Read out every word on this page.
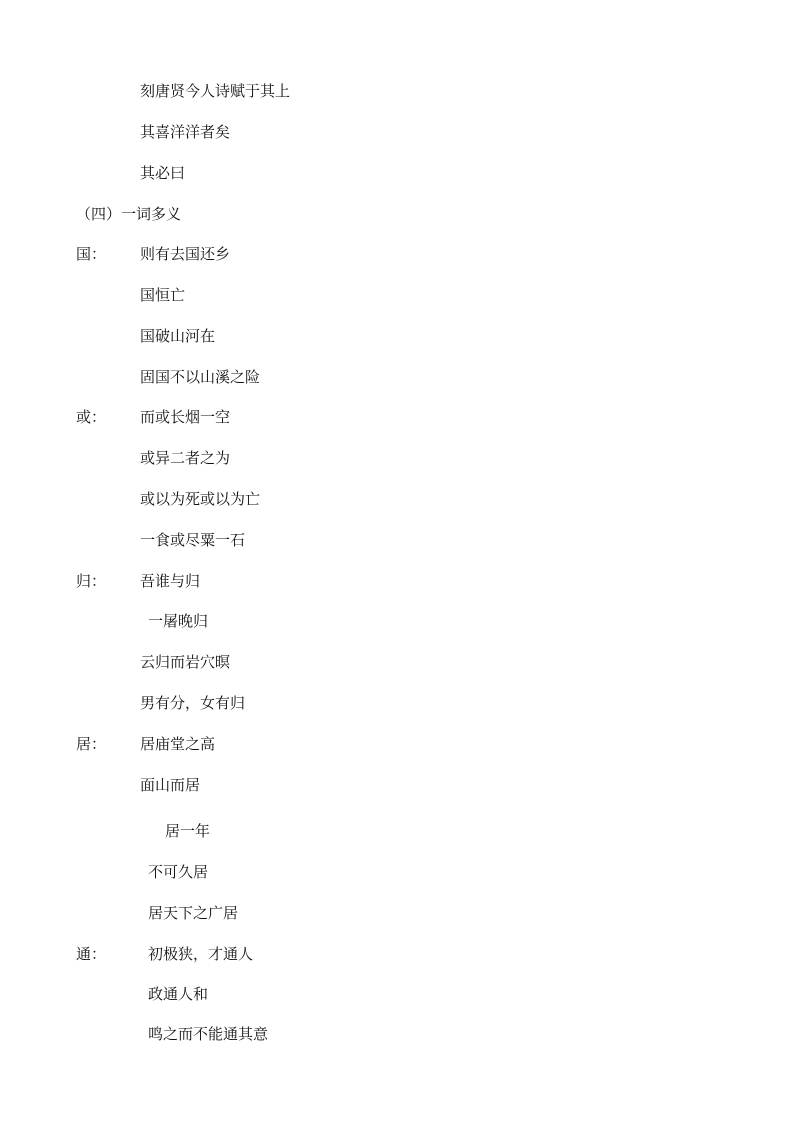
刻唐贤今人诗赋于其上
其喜洋洋者矣
其必曰
（四）一词多义
国： 则有去国还乡
国恒亡
国破山河在
固国不以山溪之险
或： 而或长烟一空
或异二者之为
或以为死或以为亡
一食或尽粟一石
归： 吾谁与归
一屠晚归
云归而岩穴暝
男有分，女有归
居： 居庙堂之高
面山而居
居一年
不可久居
居天下之广居
通：	初极狭，才通人
政通人和
鸣之而不能通其意
